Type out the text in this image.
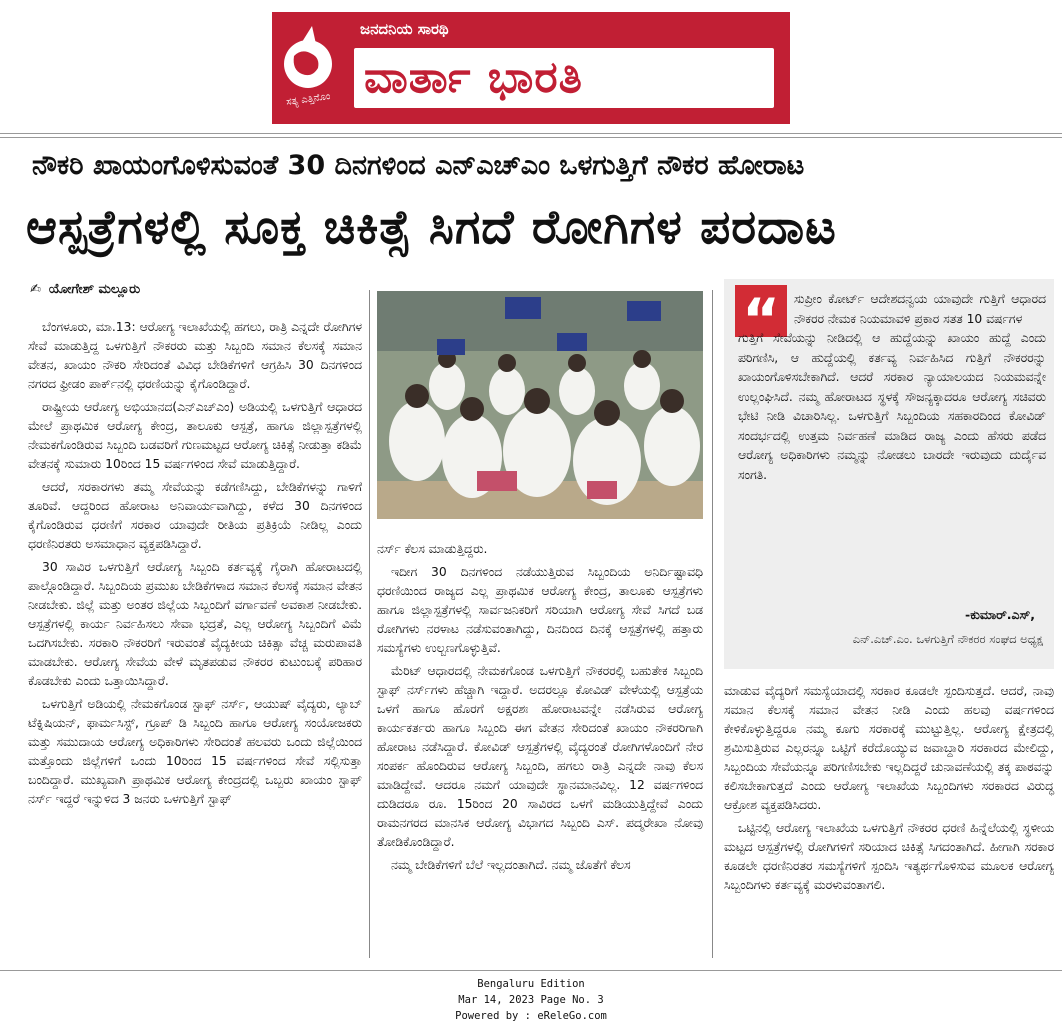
ಜನದನಿಯ ಸಾರಥಿ
ವಾರ್ತಾ ಭಾರತಿ
ಸತ್ಯ ಎತ್ತಿನೊಂ
ನೌಕರಿ ಖಾಯಂಗೊಳಿಸುವಂತೆ 30 ದಿನಗಳಿಂದ ಎನ್‌ಎಚ್‌ಎಂ ಒಳಗುತ್ತಿಗೆ ನೌಕರ ಹೋರಾಟ
ಆಸ್ಪತ್ರೆಗಳಲ್ಲಿ ಸೂಕ್ತ ಚಿಕಿತ್ಸೆ ಸಿಗದೆ ರೋಗಿಗಳ ಪರದಾಟ
✍ ಯೋಗೇಶ್ ಮಲ್ಲೂರು

ಬೆಂಗಳೂರು, ಮಾ.13: ಆರೋಗ್ಯ ಇಲಾಖೆಯಲ್ಲಿ ಹಗಲು, ರಾತ್ರಿ ಎನ್ನದೇ ರೋಗಿಗಳ ಸೇವೆ ಮಾಡುತ್ತಿದ್ದ ಒಳಗುತ್ತಿಗೆ ನೌಕರರು ಮತ್ತು ಸಿಬ್ಬಂದಿ ಸಮಾನ ಕೆಲಸಕ್ಕೆ ಸಮಾನ ವೇತನ, ಖಾಯಂ ನೌಕರಿ ಸೇರಿದಂತೆ ವಿವಿಧ ಬೇಡಿಕೆಗಳಿಗೆ ಆಗ್ರಹಿಸಿ 30 ದಿನಗಳಿಂದ ನಗರದ ಫ್ರೀಡಂ ಪಾರ್ಕ್‌ನಲ್ಲಿ ಧರಣಿಯನ್ನು ಕೈಗೊಂಡಿದ್ದಾರೆ.

ರಾಷ್ಟ್ರೀಯ ಆರೋಗ್ಯ ಅಭಿಯಾನದ(ಎನ್‌ಎಚ್‌ಎಂ) ಅಡಿಯಲ್ಲಿ ಒಳಗುತ್ತಿಗೆ ಆಧಾರದ ಮೇಲೆ ಪ್ರಾಥಮಿಕ ಆರೋಗ್ಯ ಕೇಂದ್ರ, ತಾಲೂಕು ಆಸ್ಪತ್ರೆ, ಹಾಗೂ ಜಿಲ್ಲಾಸ್ಪತ್ರೆಗಳಲ್ಲಿ ನೇಮಕಗೊಂಡಿರುವ ಸಿಬ್ಬಂದಿ ಬಡವರಿಗೆ ಗುಣಮಟ್ಟದ ಆರೋಗ್ಯ ಚಿಕಿತ್ಸೆ ನೀಡುತ್ತಾ ಕಡಿಮೆ ವೇತನಕ್ಕೆ ಸುಮಾರು 10ರಿಂದ 15 ವರ್ಷಗಳಿಂದ ಸೇವೆ ಮಾಡುತ್ತಿದ್ದಾರೆ.

ಆದರೆ, ಸರಕಾರಗಳು ತಮ್ಮ ಸೇವೆಯನ್ನು ಕಡೆಗಣಿಸಿದ್ದು, ಬೇಡಿಕೆಗಳನ್ನು ಗಾಳಿಗೆ ತೂರಿವೆ. ಆದ್ದರಿಂದ ಹೋರಾಟ ಅನಿವಾರ್ಯವಾಗಿದ್ದು, ಕಳೆದ 30 ದಿನಗಳಿಂದ ಕೈಗೊಂಡಿರುವ ಧರಣಿಗೆ ಸರಕಾರ ಯಾವುದೇ ರೀತಿಯ ಪ್ರತಿಕ್ರಿಯೆ ನೀಡಿಲ್ಲ ಎಂದು ಧರಣಿನಿರತರು ಅಸಮಾಧಾನ ವ್ಯಕ್ತಪಡಿಸಿದ್ದಾರೆ.

30 ಸಾವಿರ ಒಳಗುತ್ತಿಗೆ ಆರೋಗ್ಯ ಸಿಬ್ಬಂದಿ ಕರ್ತವ್ಯಕ್ಕೆ ಗೈರಾಗಿ ಹೋರಾಟದಲ್ಲಿ ಪಾಲ್ಗೊಂಡಿದ್ದಾರೆ. ಸಿಬ್ಬಂದಿಯ ಪ್ರಮುಖ ಬೇಡಿಕೆಗಳಾದ ಸಮಾನ ಕೆಲಸಕ್ಕೆ ಸಮಾನ ವೇತನ ನೀಡಬೇಕು. ಜಿಲ್ಲೆ ಮತ್ತು ಅಂತರ ಜಿಲ್ಲೆಯ ಸಿಬ್ಬಂದಿಗೆ ವರ್ಗಾವಣೆ ಅವಕಾಶ ನೀಡಬೇಕು. ಆಸ್ಪತ್ರೆಗಳಲ್ಲಿ ಕಾರ್ಯ ನಿರ್ವಹಿಸಲು ಸೇವಾ ಭದ್ರತೆ, ಎಲ್ಲ ಆರೋಗ್ಯ ಸಿಬ್ಬಂದಿಗೆ ವಿಮೆ ಒದಗಿಸಬೇಕು. ಸರಕಾರಿ ನೌಕರರಿಗೆ ಇರುವಂತೆ ವೈದ್ಯಕೀಯ ಚಿಕಿತ್ಸಾ ವೆಚ್ಚ ಮರುಪಾವತಿ ಮಾಡಬೇಕು. ಆರೋಗ್ಯ ಸೇವೆಯ ವೇಳೆ ಮೃತಪಡುವ ನೌಕರರ ಕುಟುಂಬಕ್ಕೆ ಪರಿಹಾರ ಕೊಡಬೇಕು ಎಂದು ಒತ್ತಾಯಿಸಿದ್ದಾರೆ.

ಒಳಗುತ್ತಿಗೆ ಅಡಿಯಲ್ಲಿ ನೇಮಕಗೊಂಡ ಸ್ಟಾಫ್ ನರ್ಸ್, ಆಯುಷ್ ವೈದ್ಯರು, ಲ್ಯಾಬ್ ಟೆಕ್ನಿಷಿಯನ್, ಫಾರ್ಮಸಿಸ್ಟ್, ಗ್ರೂಪ್ ಡಿ ಸಿಬ್ಬಂದಿ ಹಾಗೂ ಆರೋಗ್ಯ ಸಂಯೋಜಕರು ಮತ್ತು ಸಮುದಾಯ ಆರೋಗ್ಯ ಅಧಿಕಾರಿಗಳು ಸೇರಿದಂತೆ ಹಲವರು ಒಂದು ಜಿಲ್ಲೆಯಿಂದ ಮತ್ತೊಂದು ಜಿಲ್ಲೆಗಳಿಗೆ ಒಂದು 10ರಿಂದ 15 ವರ್ಷಗಳಿಂದ ಸೇವೆ ಸಲ್ಲಿಸುತ್ತಾ ಬಂದಿದ್ದಾರೆ. ಮುಖ್ಯವಾಗಿ ಪ್ರಾಥಮಿಕ ಆರೋಗ್ಯ ಕೇಂದ್ರದಲ್ಲಿ ಒಬ್ಬರು ಖಾಯಂ ಸ್ಟಾಫ್ ನರ್ಸ್ ಇದ್ದರೆ ಇನ್ನುಳಿದ 3 ಜನರು ಒಳಗುತ್ತಿಗೆ ಸ್ಟಾಫ್

ನರ್ಸ್ ಕೆಲಸ ಮಾಡುತ್ತಿದ್ದರು.

ಇದೀಗ 30 ದಿನಗಳಿಂದ ನಡೆಯುತ್ತಿರುವ ಸಿಬ್ಬಂದಿಯ ಅನಿರ್ದಿಷ್ಟಾವಧಿ ಧರಣಿಯಿಂದ ರಾಜ್ಯದ ಎಲ್ಲ ಪ್ರಾಥಮಿಕ ಆರೋಗ್ಯ ಕೇಂದ್ರ, ತಾಲೂಕು ಆಸ್ಪತ್ರೆಗಳು ಹಾಗೂ ಜಿಲ್ಲಾಸ್ಪತ್ರೆಗಳಲ್ಲಿ ಸಾರ್ವಜನಿಕರಿಗೆ ಸರಿಯಾಗಿ ಆರೋಗ್ಯ ಸೇವೆ ಸಿಗದೆ ಬಡ ರೋಗಿಗಳು ನರಳಾಟ ನಡೆಸುವಂತಾಗಿದ್ದು, ದಿನದಿಂದ ದಿನಕ್ಕೆ ಆಸ್ಪತ್ರೆಗಳಲ್ಲಿ ಹತ್ತಾರು ಸಮಸ್ಯೆಗಳು ಉಲ್ಬಣಗೊಳ್ಳುತ್ತಿವೆ.

ಮೆರಿಟ್ ಆಧಾರದಲ್ಲಿ ನೇಮಕಗೊಂಡ ಒಳಗುತ್ತಿಗೆ ನೌಕರರಲ್ಲಿ ಬಹುತೇಕ ಸಿಬ್ಬಂದಿ ಸ್ಟಾಫ್ ನರ್ಸ್‌ಗಳು ಹೆಚ್ಚಾಗಿ ಇದ್ದಾರೆ. ಅದರಲ್ಲೂ ಕೋವಿಡ್ ವೇಳೆಯಲ್ಲಿ ಆಸ್ಪತ್ರೆಯ ಒಳಗೆ ಹಾಗೂ ಹೊರಗೆ ಅಕ್ಷರಶಃ ಹೋರಾಟವನ್ನೇ ನಡೆಸಿರುವ ಆರೋಗ್ಯ ಕಾರ್ಯಕರ್ತರು ಹಾಗೂ ಸಿಬ್ಬಂದಿ ಈಗ ವೇತನ ಸೇರಿದಂತೆ ಖಾಯಂ ನೌಕರರಿಗಾಗಿ ಹೋರಾಟ ನಡೆಸಿದ್ದಾರೆ. ಕೋವಿಡ್ ಆಸ್ಪತ್ರೆಗಳಲ್ಲಿ ವೈದ್ಯರಂತೆ ರೋಗಿಗಳೊಂದಿಗೆ ನೇರ ಸಂಪರ್ಕ ಹೊಂದಿರುವ ಆರೋಗ್ಯ ಸಿಬ್ಬಂದಿ, ಹಗಲು ರಾತ್ರಿ ಎನ್ನದೇ ನಾವು ಕೆಲಸ ಮಾಡಿದ್ದೇವೆ. ಆದರೂ ನಮಗೆ ಯಾವುದೇ ಸ್ಥಾನಮಾನವಿಲ್ಲ. 12 ವರ್ಷಗಳಿಂದ ದುಡಿದರೂ ರೂ. 15ರಿಂದ 20 ಸಾವಿರದ ಒಳಗೆ ಮಡಿಯುತ್ತಿದ್ದೇವೆ ಎಂದು ರಾಮನಗರದ ಮಾನಸಿಕ ಆರೋಗ್ಯ ವಿಭಾಗದ ಸಿಬ್ಬಂದಿ ಎಸ್. ಪದ್ಮರೇಖಾ ನೋವು ತೋಡಿಕೊಂಡಿದ್ದಾರೆ.

ನಮ್ಮ ಬೇಡಿಕೆಗಳಿಗೆ ಬೆಲೆ ಇಲ್ಲದಂತಾಗಿದೆ. ನಮ್ಮ ಜೊತೆಗೆ ಕೆಲಸ

“	ಸುಪ್ರೀಂ ಕೋರ್ಟ್ ಆದೇಶದನ್ವಯ ಯಾವುದೇ ಗುತ್ತಿಗೆ ಆಧಾರದ ನೌಕರರ ನೇಮಕ ನಿಯಮಾವಳಿ ಪ್ರಕಾರ ಸತತ 10 ವರ್ಷಗಳ
ಗುತ್ತಿಗೆ ಸೇವೆಯನ್ನು ನೀಡಿದಲ್ಲಿ ಆ ಹುದ್ದೆಯನ್ನು ಖಾಯಂ ಹುದ್ದೆ ಎಂದು ಪರಿಗಣಿಸಿ, ಆ ಹುದ್ದೆಯಲ್ಲಿ ಕರ್ತವ್ಯ ನಿರ್ವಹಿಸಿದ ಗುತ್ತಿಗೆ ನೌಕರರನ್ನು ಖಾಯಂಗೊಳಿಸಬೇಕಾಗಿದೆ. ಆದರೆ ಸರಕಾರ ನ್ಯಾಯಾಲಯದ ನಿಯಮವನ್ನೇ ಉಲ್ಲಂಘಿಸಿದೆ. ನಮ್ಮ ಹೋರಾಟದ ಸ್ಥಳಕ್ಕೆ ಸೌಜನ್ಯಕ್ಕಾದರೂ ಆರೋಗ್ಯ ಸಚಿವರು ಭೇಟಿ ನೀಡಿ ವಿಚಾರಿಸಿಲ್ಲ. ಒಳಗುತ್ತಿಗೆ ಸಿಬ್ಬಂದಿಯ ಸಹಕಾರದಿಂದ ಕೋವಿಡ್ ಸಂದರ್ಭದಲ್ಲಿ ಉತ್ತಮ ನಿರ್ವಹಣೆ ಮಾಡಿದ ರಾಜ್ಯ ಎಂದು ಹೆಸರು ಪಡೆದ ಆರೋಗ್ಯ ಅಧಿಕಾರಿಗಳು ನಮ್ಮನ್ನು ನೋಡಲು ಬಾರದೇ ಇರುವುದು ದುರ್ದೈವ ಸಂಗತಿ.
-ಕುಮಾರ್.ಎಸ್,
ಎನ್.ಎಚ್.ಎಂ. ಒಳಗುತ್ತಿಗೆ ನೌಕರರ ಸಂಘದ ಅಧ್ಯಕ್ಷ

ಮಾಡುವ ವೈದ್ಯರಿಗೆ ಸಮಸ್ಯೆಯಾದಲ್ಲಿ ಸರಕಾರ ಕೂಡಲೇ ಸ್ಪಂದಿಸುತ್ತದೆ. ಆದರೆ, ನಾವು ಸಮಾನ ಕೆಲಸಕ್ಕೆ ಸಮಾನ ವೇತನ ನೀಡಿ ಎಂದು ಹಲವು ವರ್ಷಗಳಿಂದ ಕೇಳಿಕೊಳ್ಳುತ್ತಿದ್ದರೂ ನಮ್ಮ ಕೂಗು ಸರಕಾರಕ್ಕೆ ಮುಟ್ಟುತ್ತಿಲ್ಲ. ಆರೋಗ್ಯ ಕ್ಷೇತ್ರದಲ್ಲಿ ಶ್ರಮಿಸುತ್ತಿರುವ ಎಲ್ಲರನ್ನೂ ಒಟ್ಟಿಗೆ ಕರೆದೊಯ್ಯುವ ಜವಾಬ್ದಾರಿ ಸರಕಾರದ ಮೇಲಿದ್ದು, ಸಿಬ್ಬಂದಿಯ ಸೇವೆಯನ್ನೂ ಪರಿಗಣಿಸಬೇಕು ಇಲ್ಲದಿದ್ದರೆ ಚುನಾವಣೆಯಲ್ಲಿ ತಕ್ಕ ಪಾಠವನ್ನು ಕಲಿಸಬೇಕಾಗುತ್ತದೆ ಎಂದು ಆರೋಗ್ಯ ಇಲಾಖೆಯ ಸಿಬ್ಬಂದಿಗಳು ಸರಕಾರದ ವಿರುದ್ಧ ಆಕ್ರೋಶ ವ್ಯಕ್ತಪಡಿಸಿದರು.

ಒಟ್ಟಿನಲ್ಲಿ ಆರೋಗ್ಯ ಇಲಾಖೆಯ ಒಳಗುತ್ತಿಗೆ ನೌಕರರ ಧರಣಿ ಹಿನ್ನೆಲೆಯಲ್ಲಿ ಸ್ಥಳೀಯ ಮಟ್ಟದ ಆಸ್ಪತ್ರೆಗಳಲ್ಲಿ ರೋಗಿಗಳಿಗೆ ಸರಿಯಾದ ಚಿಕಿತ್ಸೆ ಸಿಗದಂತಾಗಿದೆ. ಹೀಗಾಗಿ ಸರಕಾರ ಕೂಡಲೇ ಧರಣಿನಿರತರ ಸಮಸ್ಯೆಗಳಿಗೆ ಸ್ಪಂದಿಸಿ ಇತ್ಯರ್ಥಗೊಳಿಸುವ ಮೂಲಕ ಆರೋಗ್ಯ ಸಿಬ್ಬಂದಿಗಳು ಕರ್ತವ್ಯಕ್ಕೆ ಮರಳುವಂತಾಗಲಿ.

Bengaluru Edition
Mar 14, 2023 Page No. 3
Powered by : eReleGo.com
